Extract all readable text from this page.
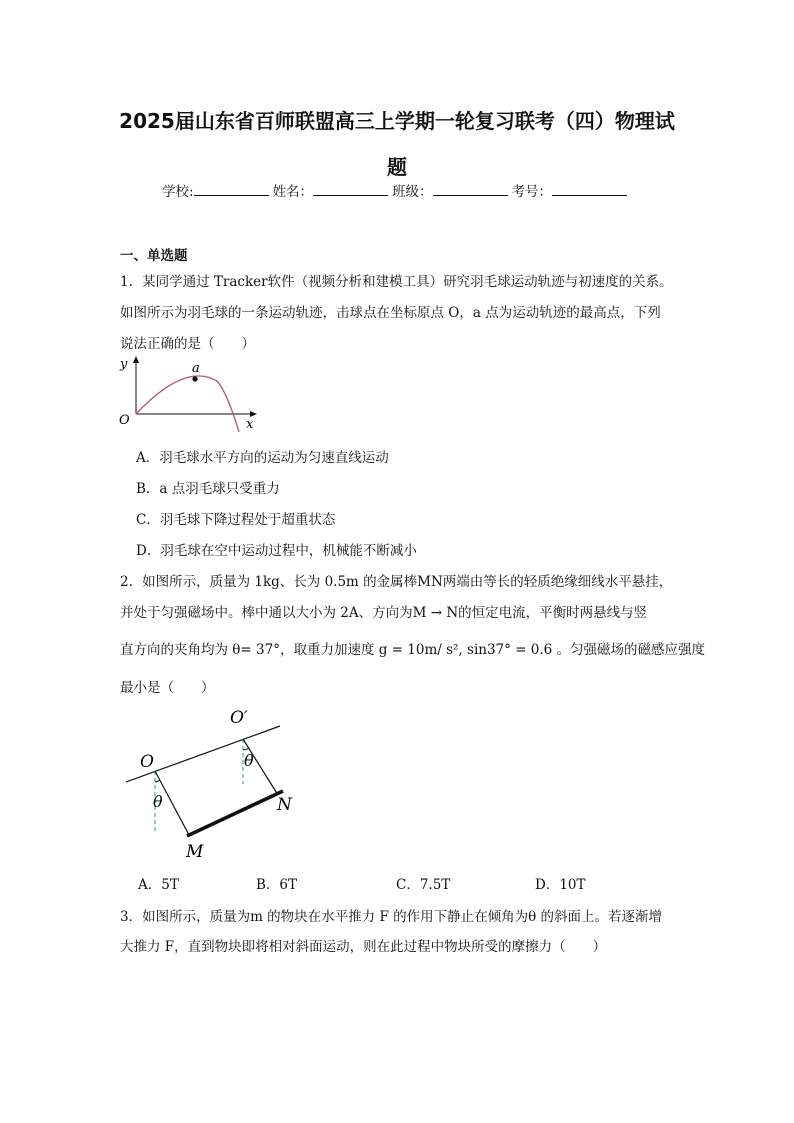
2025届山东省百师联盟高三上学期一轮复习联考（四）物理试
题
学校:	姓名：	班级：	考号：
一、单选题
1．某同学通过 Tracker软件（视频分析和建模工具）研究羽毛球运动轨迹与初速度的关系。
如图所示为羽毛球的一条运动轨迹，击球点在坐标原点 O，a 点为运动轨迹的最高点，下列
说法正确的是（　　）
y
x
O
a
A．羽毛球水平方向的运动为匀速直线运动
B．a 点羽毛球只受重力
C．羽毛球下降过程处于超重状态
D．羽毛球在空中运动过程中，机械能不断减小
2．如图所示，质量为 1kg、长为 0.5m 的金属棒MN两端由等长的轻质绝缘细线水平悬挂，
并处于匀强磁场中。棒中通以大小为 2A、方向为M → N的恒定电流，平衡时两悬线与竖
直方向的夹角均为 θ= 37°，取重力加速度 g = 10m/ s², sin37° = 0.6 。匀强磁场的磁感应强度
最小是（　　）
O
O′
θ
θ
M
N
A．5T	B．6T	C．7.5T	D．10T
3．如图所示，质量为m 的物块在水平推力 F 的作用下静止在倾角为θ 的斜面上。若逐渐增
大推力 F，直到物块即将相对斜面运动，则在此过程中物块所受的摩擦力（　　）
